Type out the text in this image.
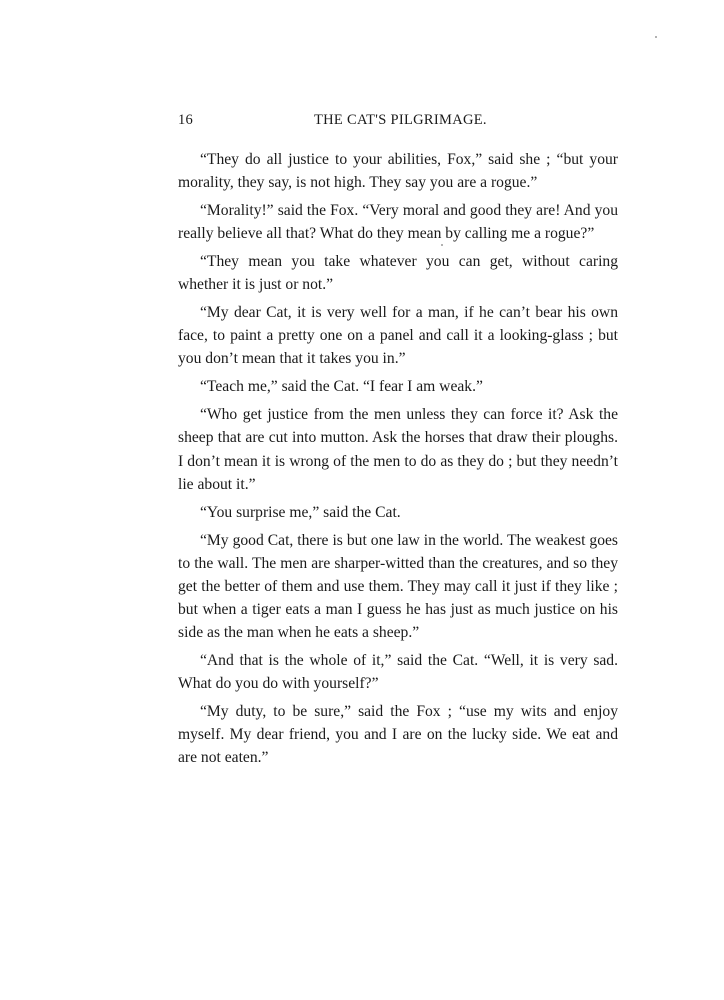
16	THE CAT'S PILGRIMAGE.

“They do all justice to your abilities, Fox,” said she ; “but your morality, they say, is not high. They say you are a rogue.”

“Morality!” said the Fox. “Very moral and good they are! And you really believe all that? What do they mean by calling me a rogue?”

“They mean you take whatever you can get, without caring whether it is just or not.”

“My dear Cat, it is very well for a man, if he can’t bear his own face, to paint a pretty one on a panel and call it a looking-glass ; but you don’t mean that it takes you in.”

“Teach me,” said the Cat. “I fear I am weak.”

“Who get justice from the men unless they can force it? Ask the sheep that are cut into mutton. Ask the horses that draw their ploughs. I don’t mean it is wrong of the men to do as they do ; but they needn’t lie about it.”

“You surprise me,” said the Cat.

“My good Cat, there is but one law in the world. The weakest goes to the wall. The men are sharper-witted than the creatures, and so they get the better of them and use them. They may call it just if they like ; but when a tiger eats a man I guess he has just as much justice on his side as the man when he eats a sheep.”

“And that is the whole of it,” said the Cat. “Well, it is very sad. What do you do with yourself?”

“My duty, to be sure,” said the Fox ; “use my wits and enjoy myself. My dear friend, you and I are on the lucky side. We eat and are not eaten.”
